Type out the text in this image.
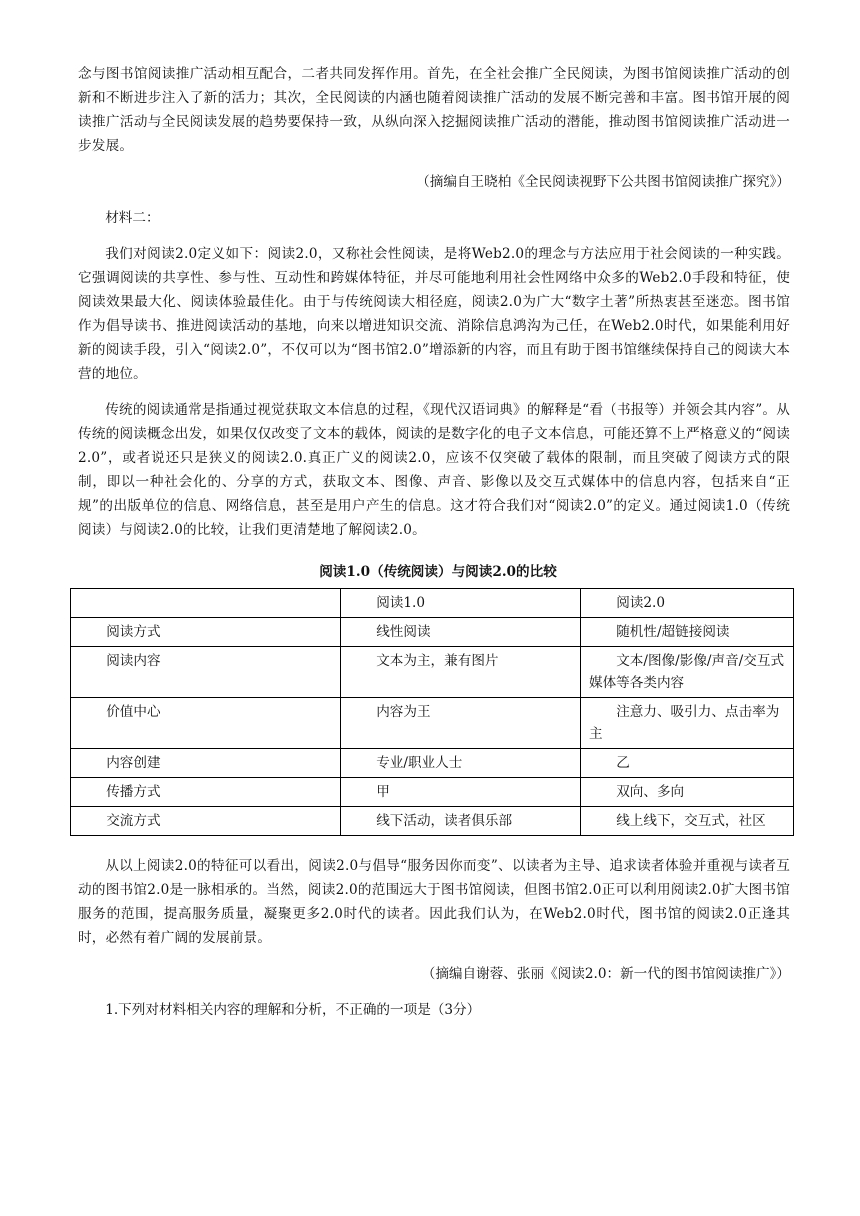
念与图书馆阅读推广活动相互配合，二者共同发挥作用。首先，在全社会推广全民阅读，为图书馆阅读推广活动的创新和不断进步注入了新的活力；其次，全民阅读的内涵也随着阅读推广活动的发展不断完善和丰富。图书馆开展的阅读推广活动与全民阅读发展的趋势要保持一致，从纵向深入挖掘阅读推广活动的潜能，推动图书馆阅读推广活动进一步发展。

（摘编自王晓柏《全民阅读视野下公共图书馆阅读推广探究》）

材料二：

我们对阅读2.0定义如下：阅读2.0，又称社会性阅读，是将Web2.0的理念与方法应用于社会阅读的一种实践。它强调阅读的共享性、参与性、互动性和跨媒体特征，并尽可能地利用社会性网络中众多的Web2.0手段和特征，使阅读效果最大化、阅读体验最佳化。由于与传统阅读大相径庭，阅读2.0为广大“数字土著”所热衷甚至迷恋。图书馆作为倡导读书、推进阅读活动的基地，向来以增进知识交流、消除信息鸿沟为己任，在Web2.0时代，如果能利用好新的阅读手段，引入“阅读2.0”，不仅可以为“图书馆2.0”增添新的内容，而且有助于图书馆继续保持自己的阅读大本营的地位。

传统的阅读通常是指通过视觉获取文本信息的过程，《现代汉语词典》的解释是“看（书报等）并领会其内容”。从传统的阅读概念出发，如果仅仅改变了文本的载体，阅读的是数字化的电子文本信息，可能还算不上严格意义的“阅读2.0”，或者说还只是狭义的阅读2.0.真正广义的阅读2.0，应该不仅突破了载体的限制，而且突破了阅读方式的限制，即以一种社会化的、分享的方式，获取文本、图像、声音、影像以及交互式媒体中的信息内容，包括来自“正规”的出版单位的信息、网络信息，甚至是用户产生的信息。这才符合我们对“阅读2.0”的定义。通过阅读1.0（传统阅读）与阅读2.0的比较，让我们更清楚地了解阅读2.0。

阅读1.0（传统阅读）与阅读2.0的比较

	阅读1.0	阅读2.0

阅读方式	线性阅读	随机性/超链接阅读

阅读内容	文本为主，兼有图片	文本/图像/影像/声音/交互式媒体等各类内容

价值中心	内容为王	注意力、吸引力、点击率为主

内容创建	专业/职业人士	乙

传播方式	甲	双向、多向

交流方式	线下活动，读者俱乐部	线上线下，交互式，社区

从以上阅读2.0的特征可以看出，阅读2.0与倡导“服务因你而变”、以读者为主导、追求读者体验并重视与读者互动的图书馆2.0是一脉相承的。当然，阅读2.0的范围远大于图书馆阅读，但图书馆2.0正可以利用阅读2.0扩大图书馆服务的范围，提高服务质量，凝聚更多2.0时代的读者。因此我们认为，在Web2.0时代，图书馆的阅读2.0正逢其时，必然有着广阔的发展前景。

（摘编自谢蓉、张丽《阅读2.0：新一代的图书馆阅读推广》）

1.下列对材料相关内容的理解和分析，不正确的一项是（3分）
